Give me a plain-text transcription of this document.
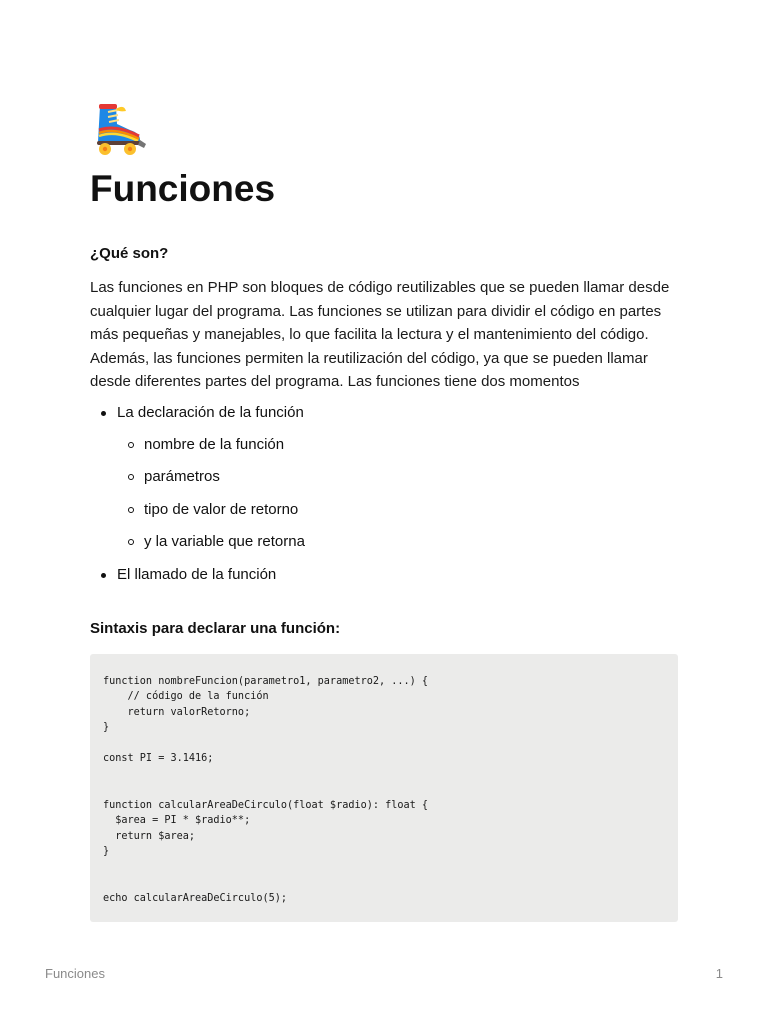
Funciones
¿Qué son?

Las funciones en PHP son bloques de código reutilizables que se pueden llamar desde cualquier lugar del programa. Las funciones se utilizan para dividir el código en partes más pequeñas y manejables, lo que facilita la lectura y el mantenimiento del código. Además, las funciones permiten la reutilización del código, ya que se pueden llamar desde diferentes partes del programa. Las funciones tiene dos momentos

La declaración de la función
nombre de la función
parámetros
tipo de valor de retorno
y la variable que retorna
El llamado de la función
Sintaxis para declarar una función:
function nombreFuncion(parametro1, parametro2, ...) {
// código de la función
return valorRetorno;
}

const PI = 3.1416;

function calcularAreaDeCirculo(float $radio): float {
$area = PI * $radio**;
return $area;
}

echo calcularAreaDeCirculo(5);
Funciones	1
